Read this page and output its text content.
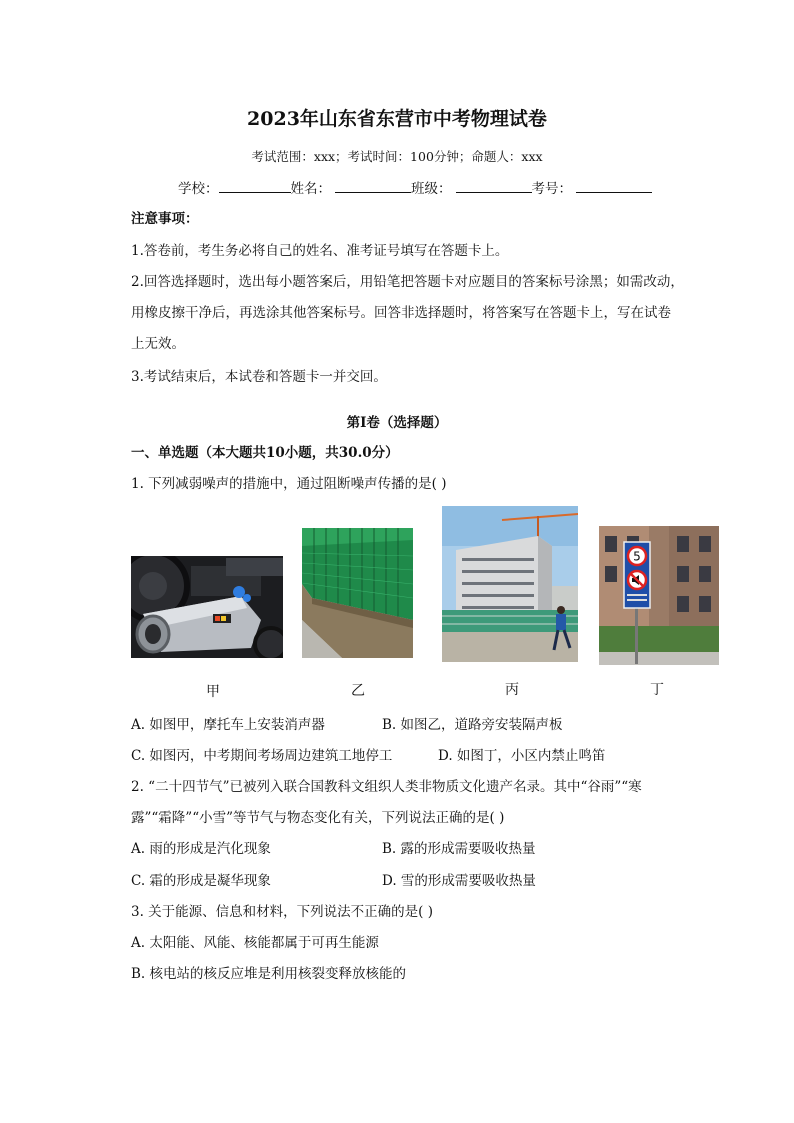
2023年山东省东营市中考物理试卷
考试范围：xxx；考试时间：100分钟；命题人：xxx
学校：	姓名：	班级：	考号：
注意事项：
1.答卷前，考生务必将自己的姓名、准考证号填写在答题卡上。
2.回答选择题时，选出每小题答案后，用铅笔把答题卡对应题目的答案标号涂黑；如需改动，
用橡皮擦干净后，再选涂其他答案标号。回答非选择题时，将答案写在答题卡上，写在试卷
上无效。
3.考试结束后，本试卷和答题卡一并交回。
第I卷（选择题）
一、单选题（本大题共10小题，共30.0分）
1. 下列减弱噪声的措施中，通过阻断噪声传播的是( )
5
甲	乙	丙	丁
A. 如图甲，摩托车上安装消声器	B. 如图乙，道路旁安装隔声板
C. 如图丙，中考期间考场周边建筑工地停工	D. 如图丁，小区内禁止鸣笛
2. “二十四节气”已被列入联合国教科文组织人类非物质文化遗产名录。其中“谷雨”“寒
露”“霜降”“小雪”等节气与物态变化有关，下列说法正确的是( )
A. 雨的形成是汽化现象	B. 露的形成需要吸收热量
C. 霜的形成是凝华现象	D. 雪的形成需要吸收热量
3. 关于能源、信息和材料，下列说法不正确的是( )
A. 太阳能、风能、核能都属于可再生能源
B. 核电站的核反应堆是利用核裂变释放核能的
